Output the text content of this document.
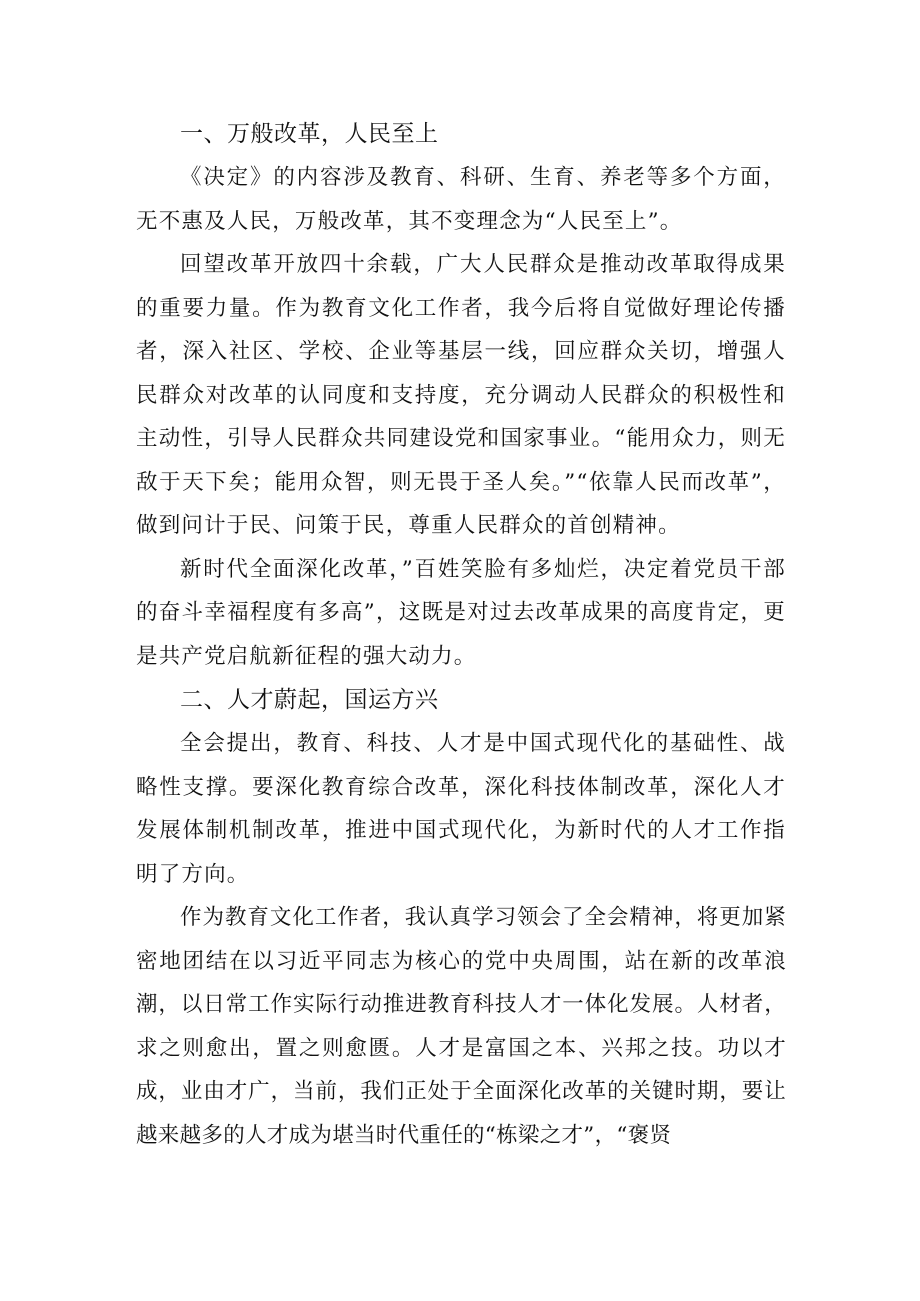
一、万般改革，人民至上

《决定》的内容涉及教育、科研、生育、养老等多个方面，无不惠及人民，万般改革，其不变理念为“人民至上”。

回望改革开放四十余载，广大人民群众是推动改革取得成果的重要力量。作为教育文化工作者，我今后将自觉做好理论传播者，深入社区、学校、企业等基层一线，回应群众关切，增强人民群众对改革的认同度和支持度，充分调动人民群众的积极性和主动性，引导人民群众共同建设党和国家事业。“能用众力，则无敌于天下矣；能用众智，则无畏于圣人矣。”“依靠人民而改革”，做到问计于民、问策于民，尊重人民群众的首创精神。

新时代全面深化改革，”百姓笑脸有多灿烂，决定着党员干部的奋斗幸福程度有多高”，这既是对过去改革成果的高度肯定，更是共产党启航新征程的强大动力。

二、人才蔚起，国运方兴

全会提出，教育、科技、人才是中国式现代化的基础性、战略性支撑。要深化教育综合改革，深化科技体制改革，深化人才发展体制机制改革，推进中国式现代化，为新时代的人才工作指明了方向。

作为教育文化工作者，我认真学习领会了全会精神，将更加紧密地团结在以习近平同志为核心的党中央周围，站在新的改革浪潮，以日常工作实际行动推进教育科技人才一体化发展。人材者，求之则愈出，置之则愈匮。人才是富国之本、兴邦之技。功以才成，业由才广，当前，我们正处于全面深化改革的关键时期，要让越来越多的人才成为堪当时代重任的“栋梁之才”，“褒贤
